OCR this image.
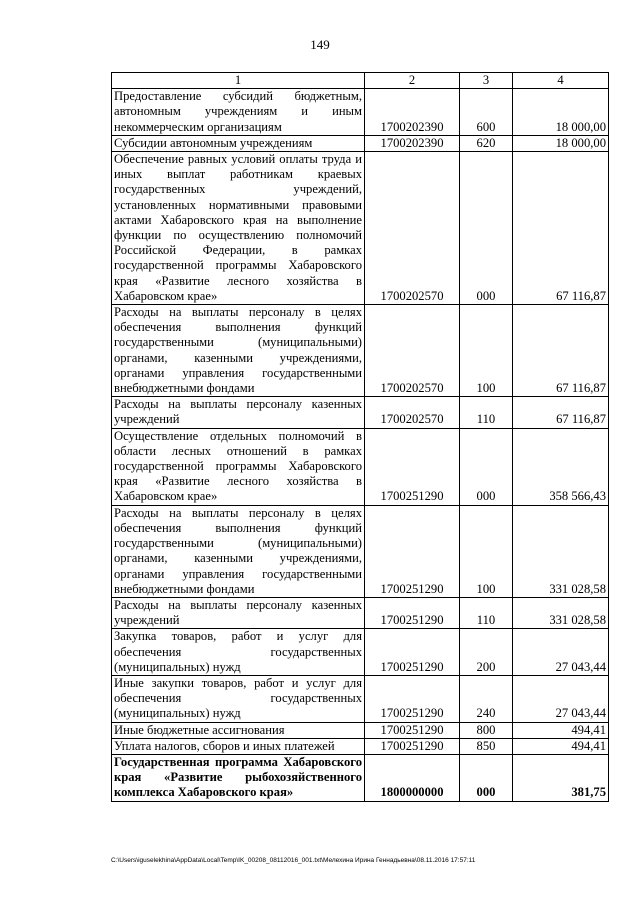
149
1	2	3	4
Предоставление субсидий бюджетным, автономным учреждениям и иным некоммерческим организациям	1700202390	600	18 000,00
Субсидии автономным учреждениям	1700202390	620	18 000,00
Обеспечение равных условий оплаты труда и иных выплат работникам краевых государственных учреждений, установленных нормативными правовыми актами Хабаровского края на выполнение функции по осуществлению полномочий Российской Федерации, в рамках государственной программы Хабаровского края «Развитие лесного хозяйства в Хабаровском крае»	1700202570	000	67 116,87
Расходы на выплаты персоналу в целях обеспечения выполнения функций государственными (муниципальными) органами, казенными учреждениями, органами управления государственными внебюджетными фондами	1700202570	100	67 116,87
Расходы на выплаты персоналу казенных учреждений	1700202570	110	67 116,87
Осуществление отдельных полномочий в области лесных отношений в рамках государственной программы Хабаровского края «Развитие лесного хозяйства в Хабаровском крае»	1700251290	000	358 566,43
Расходы на выплаты персоналу в целях обеспечения выполнения функций государственными (муниципальными) органами, казенными учреждениями, органами управления государственными внебюджетными фондами	1700251290	100	331 028,58
Расходы на выплаты персоналу казенных учреждений	1700251290	110	331 028,58
Закупка товаров, работ и услуг для обеспечения государственных (муниципальных) нужд	1700251290	200	27 043,44
Иные закупки товаров, работ и услуг для обеспечения государственных (муниципальных) нужд	1700251290	240	27 043,44
Иные бюджетные ассигнования	1700251290	800	494,41
Уплата налогов, сборов и иных платежей	1700251290	850	494,41
Государственная программа Хабаровского края «Развитие рыбохозяйственного комплекса Хабаровского края»	1800000000	000	381,75
C:\Users\iguselekhina\AppData\Local\Temp\IK_00208_08112016_001.txt\Мелехина Ирина Геннадьевна\08.11.2016 17:57:11
